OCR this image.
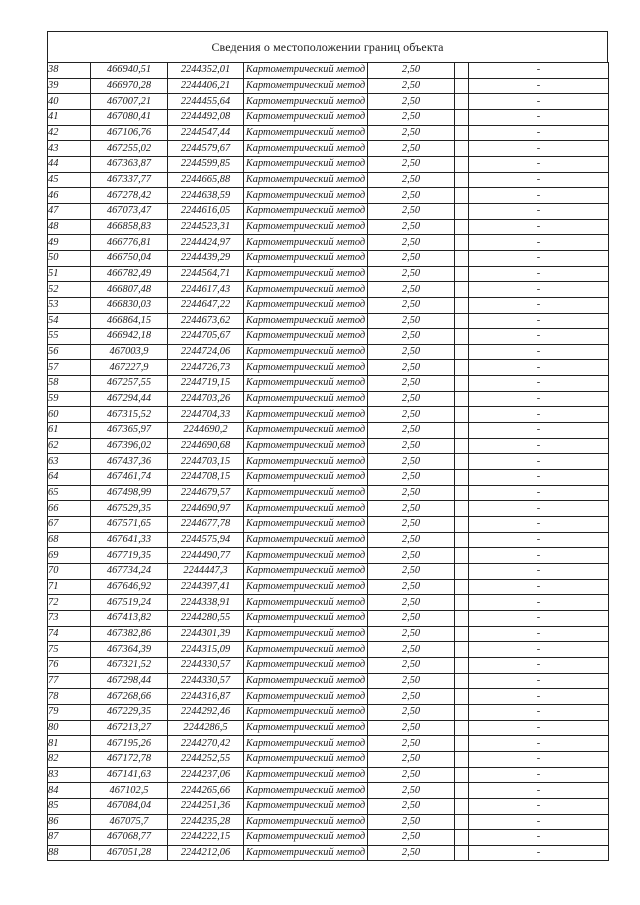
Сведения о местоположении границ объекта
38	466940,51	2244352,01	Картометрический метод	2,50		-
39	466970,28	2244406,21	Картометрический метод	2,50		-
40	467007,21	2244455,64	Картометрический метод	2,50		-
41	467080,41	2244492,08	Картометрический метод	2,50		-
42	467106,76	2244547,44	Картометрический метод	2,50		-
43	467255,02	2244579,67	Картометрический метод	2,50		-
44	467363,87	2244599,85	Картометрический метод	2,50		-
45	467337,77	2244665,88	Картометрический метод	2,50		-
46	467278,42	2244638,59	Картометрический метод	2,50		-
47	467073,47	2244616,05	Картометрический метод	2,50		-
48	466858,83	2244523,31	Картометрический метод	2,50		-
49	466776,81	2244424,97	Картометрический метод	2,50		-
50	466750,04	2244439,29	Картометрический метод	2,50		-
51	466782,49	2244564,71	Картометрический метод	2,50		-
52	466807,48	2244617,43	Картометрический метод	2,50		-
53	466830,03	2244647,22	Картометрический метод	2,50		-
54	466864,15	2244673,62	Картометрический метод	2,50		-
55	466942,18	2244705,67	Картометрический метод	2,50		-
56	467003,9	2244724,06	Картометрический метод	2,50		-
57	467227,9	2244726,73	Картометрический метод	2,50		-
58	467257,55	2244719,15	Картометрический метод	2,50		-
59	467294,44	2244703,26	Картометрический метод	2,50		-
60	467315,52	2244704,33	Картометрический метод	2,50		-
61	467365,97	2244690,2	Картометрический метод	2,50		-
62	467396,02	2244690,68	Картометрический метод	2,50		-
63	467437,36	2244703,15	Картометрический метод	2,50		-
64	467461,74	2244708,15	Картометрический метод	2,50		-
65	467498,99	2244679,57	Картометрический метод	2,50		-
66	467529,35	2244690,97	Картометрический метод	2,50		-
67	467571,65	2244677,78	Картометрический метод	2,50		-
68	467641,33	2244575,94	Картометрический метод	2,50		-
69	467719,35	2244490,77	Картометрический метод	2,50		-
70	467734,24	2244447,3	Картометрический метод	2,50		-
71	467646,92	2244397,41	Картометрический метод	2,50		-
72	467519,24	2244338,91	Картометрический метод	2,50		-
73	467413,82	2244280,55	Картометрический метод	2,50		-
74	467382,86	2244301,39	Картометрический метод	2,50		-
75	467364,39	2244315,09	Картометрический метод	2,50		-
76	467321,52	2244330,57	Картометрический метод	2,50		-
77	467298,44	2244330,57	Картометрический метод	2,50		-
78	467268,66	2244316,87	Картометрический метод	2,50		-
79	467229,35	2244292,46	Картометрический метод	2,50		-
80	467213,27	2244286,5	Картометрический метод	2,50		-
81	467195,26	2244270,42	Картометрический метод	2,50		-
82	467172,78	2244252,55	Картометрический метод	2,50		-
83	467141,63	2244237,06	Картометрический метод	2,50		-
84	467102,5	2244265,66	Картометрический метод	2,50		-
85	467084,04	2244251,36	Картометрический метод	2,50		-
86	467075,7	2244235,28	Картометрический метод	2,50		-
87	467068,77	2244222,15	Картометрический метод	2,50		-
88	467051,28	2244212,06	Картометрический метод	2,50		-
